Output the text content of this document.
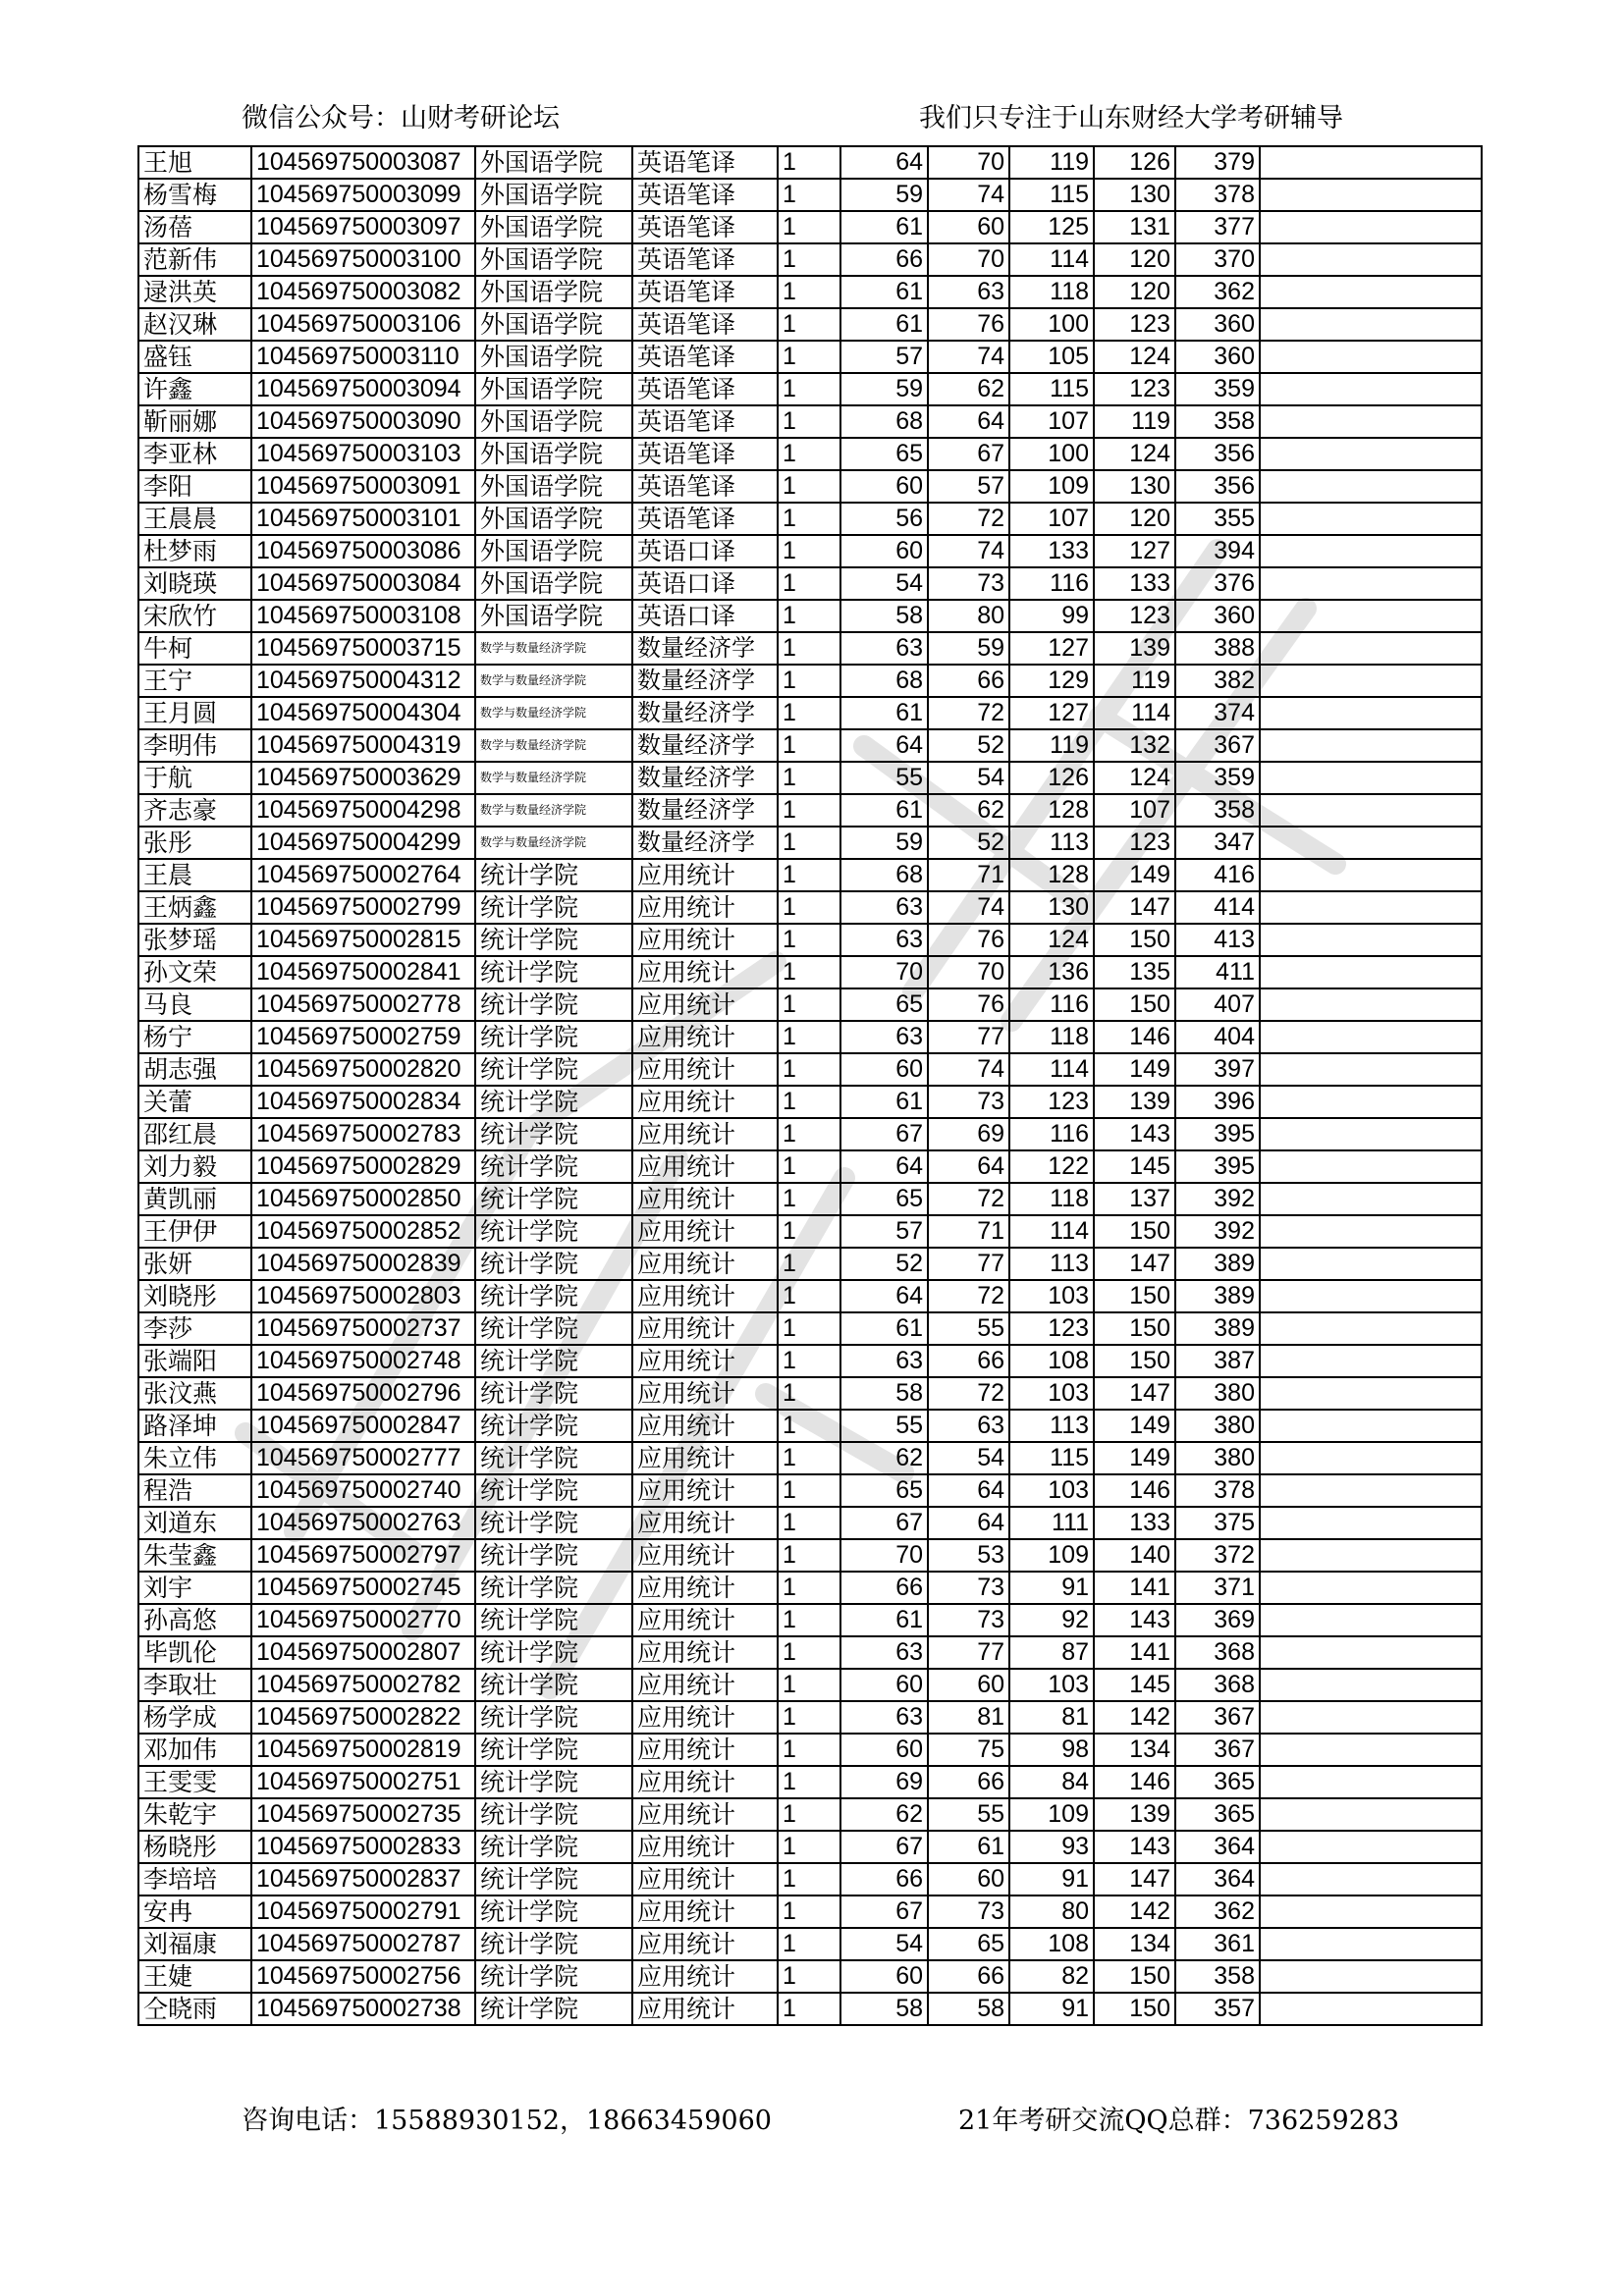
微信公众号：山财考研论坛	我们只专注于山东财经大学考研辅导
王旭	104569750003087	外国语学院	英语笔译	1	64	70	119	126	379	
杨雪梅	104569750003099	外国语学院	英语笔译	1	59	74	115	130	378	
汤蓓	104569750003097	外国语学院	英语笔译	1	61	60	125	131	377	
范新伟	104569750003100	外国语学院	英语笔译	1	66	70	114	120	370	
逯洪英	104569750003082	外国语学院	英语笔译	1	61	63	118	120	362	
赵汉琳	104569750003106	外国语学院	英语笔译	1	61	76	100	123	360	
盛钰	104569750003110	外国语学院	英语笔译	1	57	74	105	124	360	
许鑫	104569750003094	外国语学院	英语笔译	1	59	62	115	123	359	
靳丽娜	104569750003090	外国语学院	英语笔译	1	68	64	107	119	358	
李亚林	104569750003103	外国语学院	英语笔译	1	65	67	100	124	356	
李阳	104569750003091	外国语学院	英语笔译	1	60	57	109	130	356	
王晨晨	104569750003101	外国语学院	英语笔译	1	56	72	107	120	355	
杜梦雨	104569750003086	外国语学院	英语口译	1	60	74	133	127	394	
刘晓瑛	104569750003084	外国语学院	英语口译	1	54	73	116	133	376	
宋欣竹	104569750003108	外国语学院	英语口译	1	58	80	99	123	360	
牛柯	104569750003715	数学与数量经济学院	数量经济学	1	63	59	127	139	388	
王宁	104569750004312	数学与数量经济学院	数量经济学	1	68	66	129	119	382	
王月圆	104569750004304	数学与数量经济学院	数量经济学	1	61	72	127	114	374	
李明伟	104569750004319	数学与数量经济学院	数量经济学	1	64	52	119	132	367	
于航	104569750003629	数学与数量经济学院	数量经济学	1	55	54	126	124	359	
齐志豪	104569750004298	数学与数量经济学院	数量经济学	1	61	62	128	107	358	
张彤	104569750004299	数学与数量经济学院	数量经济学	1	59	52	113	123	347	
王晨	104569750002764	统计学院	应用统计	1	68	71	128	149	416	
王炳鑫	104569750002799	统计学院	应用统计	1	63	74	130	147	414	
张梦瑶	104569750002815	统计学院	应用统计	1	63	76	124	150	413	
孙文荣	104569750002841	统计学院	应用统计	1	70	70	136	135	411	
马良	104569750002778	统计学院	应用统计	1	65	76	116	150	407	
杨宁	104569750002759	统计学院	应用统计	1	63	77	118	146	404	
胡志强	104569750002820	统计学院	应用统计	1	60	74	114	149	397	
关蕾	104569750002834	统计学院	应用统计	1	61	73	123	139	396	
邵红晨	104569750002783	统计学院	应用统计	1	67	69	116	143	395	
刘力毅	104569750002829	统计学院	应用统计	1	64	64	122	145	395	
黄凯丽	104569750002850	统计学院	应用统计	1	65	72	118	137	392	
王伊伊	104569750002852	统计学院	应用统计	1	57	71	114	150	392	
张妍	104569750002839	统计学院	应用统计	1	52	77	113	147	389	
刘晓彤	104569750002803	统计学院	应用统计	1	64	72	103	150	389	
李莎	104569750002737	统计学院	应用统计	1	61	55	123	150	389	
张端阳	104569750002748	统计学院	应用统计	1	63	66	108	150	387	
张汶燕	104569750002796	统计学院	应用统计	1	58	72	103	147	380	
路泽坤	104569750002847	统计学院	应用统计	1	55	63	113	149	380	
朱立伟	104569750002777	统计学院	应用统计	1	62	54	115	149	380	
程浩	104569750002740	统计学院	应用统计	1	65	64	103	146	378	
刘道东	104569750002763	统计学院	应用统计	1	67	64	111	133	375	
朱莹鑫	104569750002797	统计学院	应用统计	1	70	53	109	140	372	
刘宇	104569750002745	统计学院	应用统计	1	66	73	91	141	371	
孙高悠	104569750002770	统计学院	应用统计	1	61	73	92	143	369	
毕凯伦	104569750002807	统计学院	应用统计	1	63	77	87	141	368	
李取壮	104569750002782	统计学院	应用统计	1	60	60	103	145	368	
杨学成	104569750002822	统计学院	应用统计	1	63	81	81	142	367	
邓加伟	104569750002819	统计学院	应用统计	1	60	75	98	134	367	
王雯雯	104569750002751	统计学院	应用统计	1	69	66	84	146	365	
朱乾宇	104569750002735	统计学院	应用统计	1	62	55	109	139	365	
杨晓彤	104569750002833	统计学院	应用统计	1	67	61	93	143	364	
李培培	104569750002837	统计学院	应用统计	1	66	60	91	147	364	
安冉	104569750002791	统计学院	应用统计	1	67	73	80	142	362	
刘福康	104569750002787	统计学院	应用统计	1	54	65	108	134	361	
王婕	104569750002756	统计学院	应用统计	1	60	66	82	150	358	
仝晓雨	104569750002738	统计学院	应用统计	1	58	58	91	150	357	
咨询电话：15588930152，18663459060	21年考研交流QQ总群：736259283
